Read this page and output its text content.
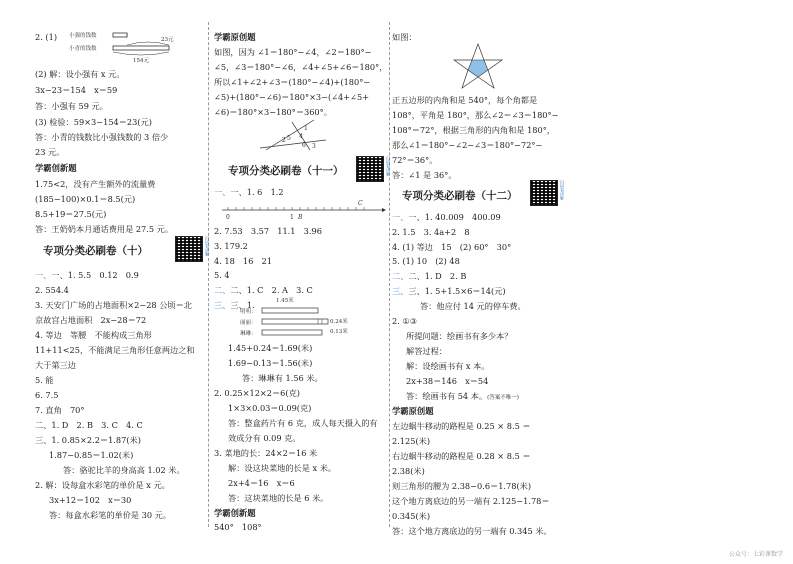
2. (1) 小强的钱数
小青的钱数
23元
154元
(2) 解：设小强有 x 元。
3x−23＝154　x＝59
答：小强有 59 元。
(3) 检验：59×3−154＝23(元)
答：小青的钱数比小强钱数的 3 倍少
23 元。
学霸创新题
1.75<2，没有产生额外的流量费
(185−100)×0.1＝8.5(元)
8.5+19＝27.5(元)
答：王奶奶本月通话费用是 27.5 元。
专项分类必刷卷（十）	扫码看讲解
一、一、1. 5.5　0.12　0.9
2. 554.4
3. 天安门广场的占地面积×2−28 公顷＝北
京故宫占地面积　2x−28＝72
4. 等边　等腰　不能构成三角形
11+11<25，不能满足三角形任意两边之和
大于第三边
5. 能
6. 7.5
7. 直角　70°
二、1. D　2. B　3. C　4. C
三、1. 0.85×2.2＝1.87(米)
1.87−0.85＝1.02(米)
答：骆驼比羊的身高高 1.02 米。
2. 解：设每盒水彩笔的单价是 x 元。
3x+12＝102　x＝30
答：每盒水彩笔的单价是 30 元。
学霸原创题
如图，因为 ∠1＝180°−∠4，∠2＝180°−
∠5，∠3＝180°−∠6，∠4+∠5+∠6＝180°，
所以∠1+∠2+∠3＝(180°−∠4)+(180°−
∠5)+(180°−∠6)＝180°×3−(∠4+∠5+
∠6)＝180°×3−180°＝360°。
2 5
1
4
6 3
专项分类必刷卷（十一）	扫码看讲解
一、一、1. 6　1.2
0	1 B
C
2. 7.53　3.57　11.1　3.96
3. 179.2
4. 18　16　21
5. 4
二、二、1. C　2. A　3. C
三、三、1.	1.45米
明明：
丽丽：
琳琳：
0.24米
0.13米
1.45+0.24＝1.69(米)
1.69−0.13＝1.56(米)
答：琳琳有 1.56 米。
2. 0.25×12×2＝6(克)
1×3×0.03＝0.09(克)
答：整盒药片有 6 克，成人每天摄入的有
效成分有 0.09 克。
3. 菜地的长：24×2＝16 米
解：设这块菜地的长是 x 米。
2x+4＝16　x＝6
答：这块菜地的长是 6 米。
学霸创新题
540°　108°
如图：
正五边形的内角和是 540°，每个角都是
108°，平角是 180°，那么∠2＝∠3＝180°−
108°＝72°，根据三角形的内角和是 180°，
那么∠1＝180°−∠2−∠3＝180°−72°−
72°＝36°。
答：∠1 是 36°。
专项分类必刷卷（十二）	扫码看讲解
一、一、1. 40.009　400.09
2. 1.5　3. 4a+2　8
4. (1) 等边　15　(2) 60°　30°
5. (1) 10　(2) 48
二、二、1. D　2. B
三、三、1. 5+1.5×6＝14(元)
答：他应付 14 元的停车费。
2. ①③
所提问题：绘画书有多少本？
解答过程：
解：设绘画书有 x 本。
2x+38＝146　x＝54
答：绘画书有 54 本。(答案不唯一)
学霸原创题
左边蜗牛移动的路程是 0.25 × 8.5 ＝
2.125(米)
右边蜗牛移动的路程是 0.28 × 8.5 ＝
2.38(米)
则三角形的腰为 2.38−0.6＝1.78(米)
这个地方离底边的另一端有 2.125−1.78＝
0.345(米)
答：这个地方离底边的另一端有 0.345 米。
公众号：七彩课数学
